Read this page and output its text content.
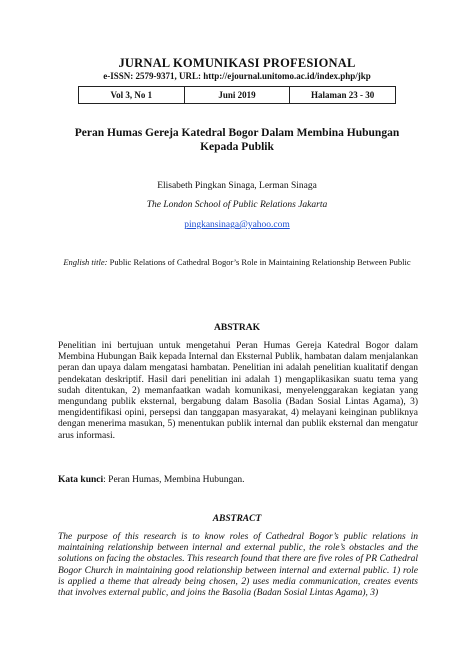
JURNAL KOMUNIKASI PROFESIONAL
e-ISSN: 2579-9371, URL: http://ejournal.unitomo.ac.id/index.php/jkp
Vol 3, No 1	Juni 2019	Halaman 23 - 30
Peran Humas Gereja Katedral Bogor Dalam Membina Hubungan Kepada Publik
Elisabeth Pingkan Sinaga, Lerman Sinaga
The London School of Public Relations Jakarta
pingkansinaga@yahoo.com
English title: Public Relations of Cathedral Bogor’s Role in Maintaining Relationship Between Public
ABSTRAK

Penelitian ini bertujuan untuk mengetahui Peran Humas Gereja Katedral Bogor dalam Membina Hubungan Baik kepada Internal dan Eksternal Publik, hambatan dalam menjalankan peran dan upaya dalam mengatasi hambatan. Penelitian ini adalah penelitian kualitatif dengan pendekatan deskriptif. Hasil dari penelitian ini adalah 1) mengaplikasikan suatu tema yang sudah ditentukan, 2) memanfaatkan wadah komunikasi, menyelenggarakan kegiatan yang mengundang publik eksternal, bergabung dalam Basolia (Badan Sosial Lintas Agama), 3) mengidentifikasi opini, persepsi dan tanggapan masyarakat, 4) melayani keinginan publiknya dengan menerima masukan, 5) menentukan publik internal dan publik eksternal dan mengatur arus informasi.

Kata kunci: Peran Humas, Membina Hubungan.
ABSTRACT

The purpose of this research is to know roles of Cathedral Bogor’s public relations in maintaining relationship between internal and external public, the role’s obstacles and the solutions on facing the obstacles. This research found that there are five roles of PR Cathedral Bogor Church in maintaining good relationship between internal and external public. 1) role is applied a theme that already being chosen, 2) uses media communication, creates events that involves external public, and joins the Basolia (Badan Sosial Lintas Agama), 3)
